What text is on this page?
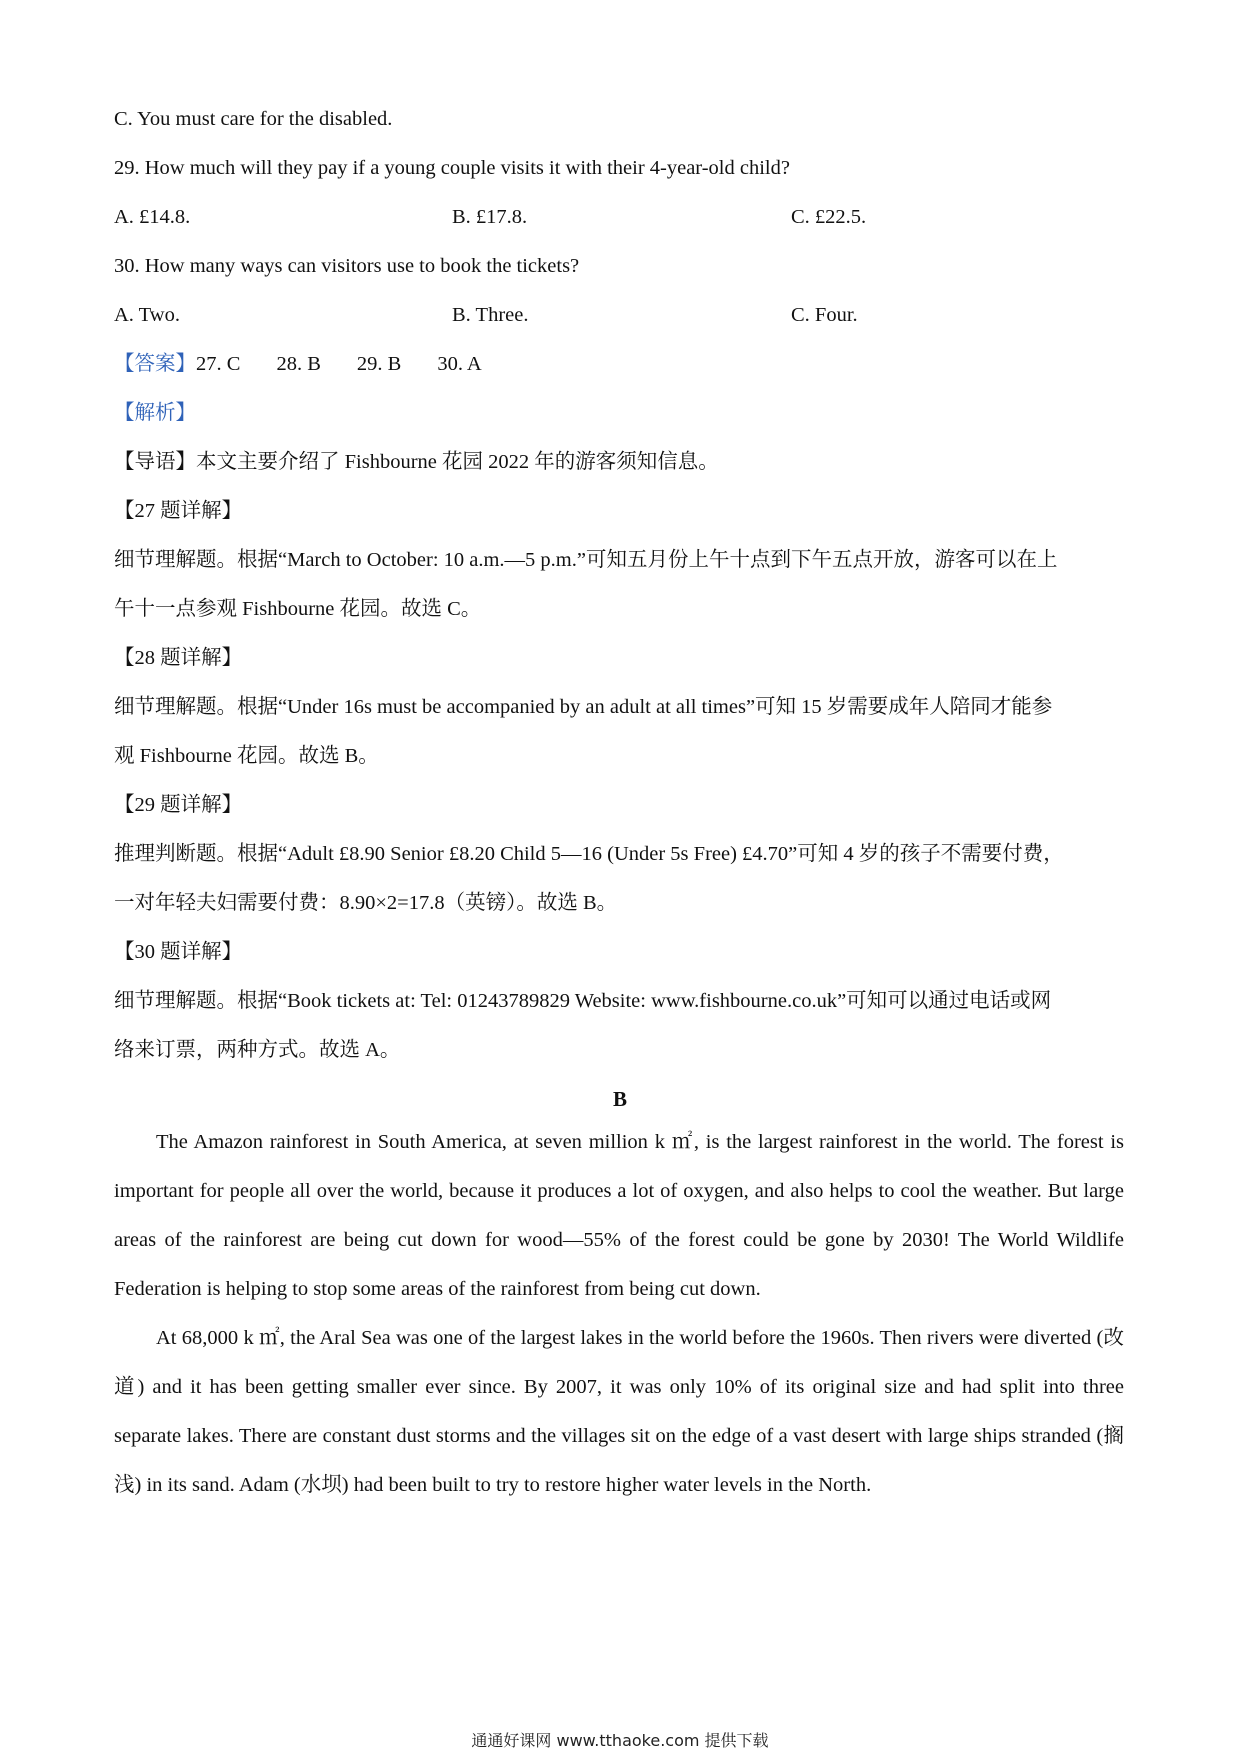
C. You must care for the disabled.
29. How much will they pay if a young couple visits it with their 4-year-old child?
A. £14.8.	B. £17.8.	C. £22.5.
30. How many ways can visitors use to book the tickets?
A. Two.	B. Three.	C. Four.
【答案】27. C 28. B 29. B 30. A
【解析】
【导语】本文主要介绍了 Fishbourne 花园 2022 年的游客须知信息。
【27 题详解】
细节理解题。根据“March to October: 10 a.m.—5 p.m.”可知五月份上午十点到下午五点开放，游客可以在上
午十一点参观 Fishbourne 花园。故选 C。
【28 题详解】
细节理解题。根据“Under 16s must be accompanied by an adult at all times”可知 15 岁需要成年人陪同才能参
观 Fishbourne 花园。故选 B。
【29 题详解】
推理判断题。根据“Adult £8.90 Senior £8.20 Child 5—16 (Under 5s Free) £4.70”可知 4 岁的孩子不需要付费，
一对年轻夫妇需要付费：8.90×2=17.8（英镑）。故选 B。
【30 题详解】
细节理解题。根据“Book tickets at: Tel: 01243789829 Website: www.fishbourne.co.uk”可知可以通过电话或网
络来订票，两种方式。故选 A。
B
The Amazon rainforest in South America, at seven million k ㎡, is the largest rainforest in the world. The forest is important for people all over the world, because it produces a lot of oxygen, and also helps to cool the weather. But large areas of the rainforest are being cut down for wood—55% of the forest could be gone by 2030! The World Wildlife Federation is helping to stop some areas of the rainforest from being cut down.
At 68,000 k ㎡, the Aral Sea was one of the largest lakes in the world before the 1960s. Then rivers were diverted (改道) and it has been getting smaller ever since. By 2007, it was only 10% of its original size and had split into three separate lakes. There are constant dust storms and the villages sit on the edge of a vast desert with large ships stranded (搁浅) in its sand. Adam (水坝) had been built to try to restore higher water levels in the North.
通通好课网 www.tthaoke.com 提供下载
